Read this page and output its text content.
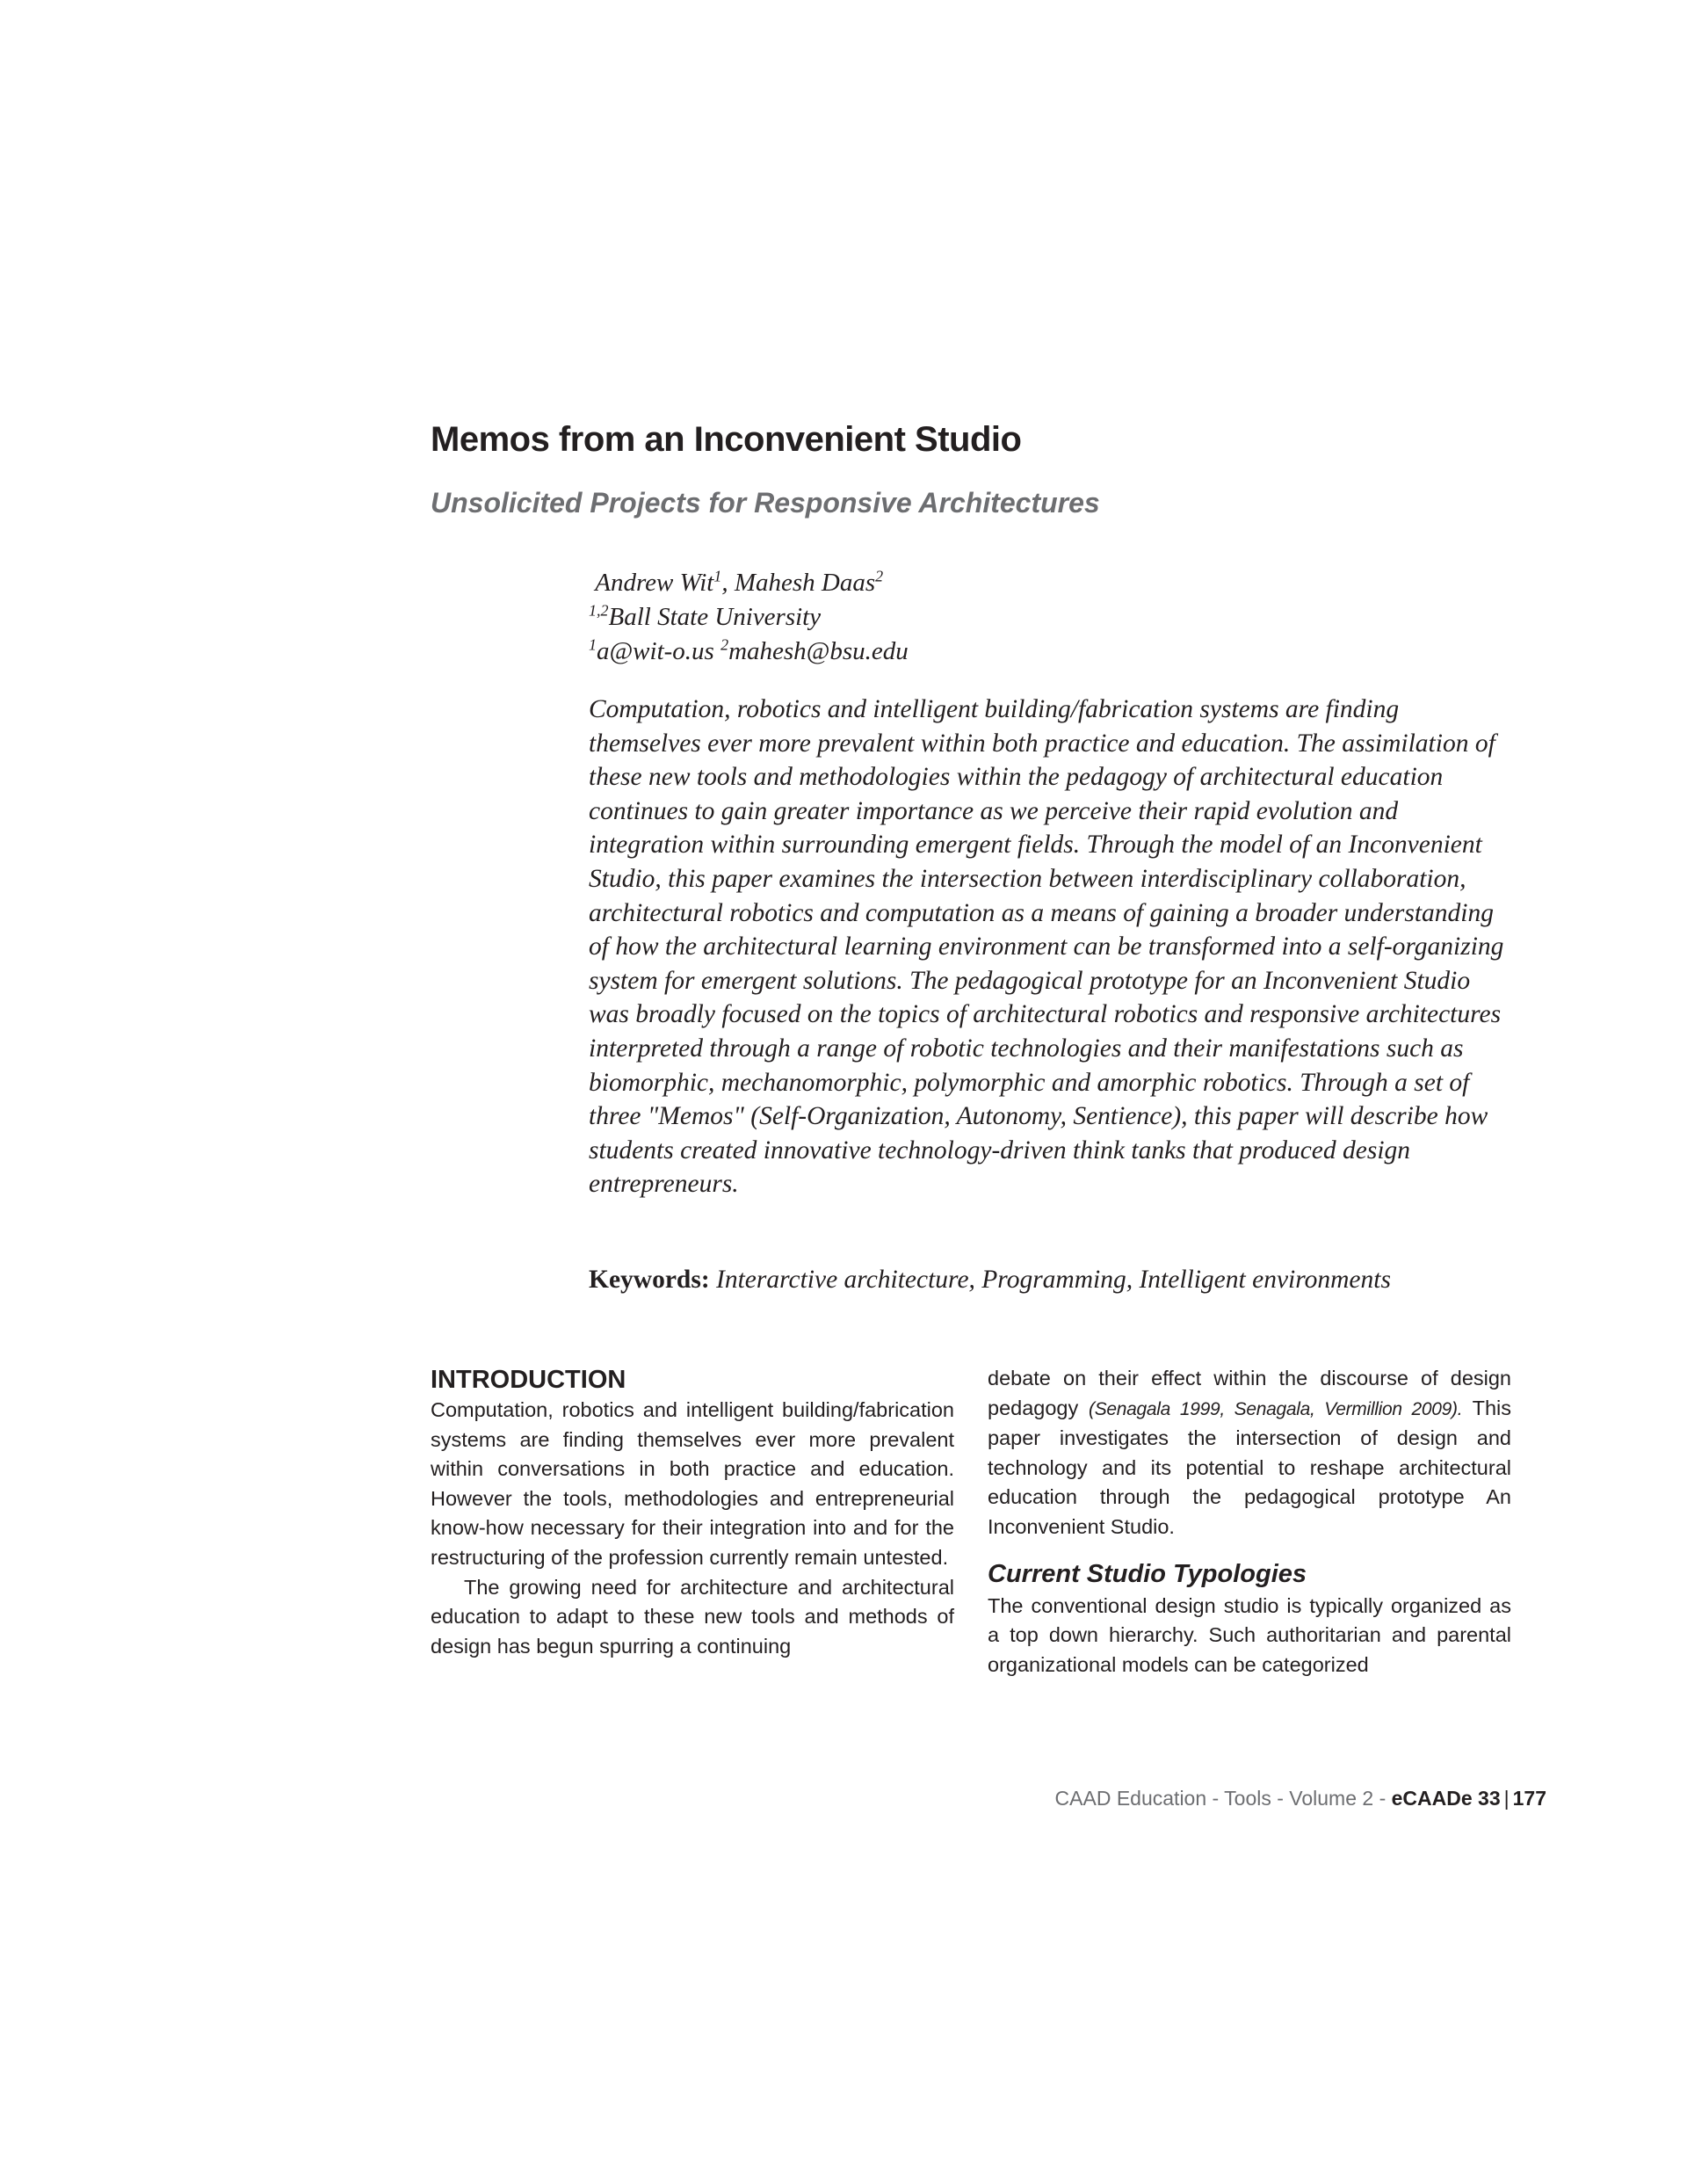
Memos from an Inconvenient Studio
Unsolicited Projects for Responsive Architectures
Andrew Wit$^1$, Mahesh Daas$^2$
$^{1,2}$Ball State University
$^1$a@wit-o.us $^2$mahesh@bsu.edu

Computation, robotics and intelligent building/fabrication systems are finding themselves ever more prevalent within both practice and education. The assimilation of these new tools and methodologies within the pedagogy of architectural education continues to gain greater importance as we perceive their rapid evolution and integration within surrounding emergent fields. Through the model of an Inconvenient Studio, this paper examines the intersection between interdisciplinary collaboration, architectural robotics and computation as a means of gaining a broader understanding of how the architectural learning environment can be transformed into a self-organizing system for emergent solutions. The pedagogical prototype for an Inconvenient Studio was broadly focused on the topics of architectural robotics and responsive architectures interpreted through a range of robotic technologies and their manifestations such as biomorphic, mechanomorphic, polymorphic and amorphic robotics. Through a set of three "Memos" (Self-Organization, Autonomy, Sentience), this paper will describe how students created innovative technology-driven think tanks that produced design entrepreneurs.

Keywords: Interarctive architecture, Programming, Intelligent environments
INTRODUCTION

Computation, robotics and intelligent building/fabrication systems are finding themselves ever more prevalent within conversations in both practice and education. However the tools, methodologies and entrepreneurial know-how necessary for their integration into and for the restructuring of the profession currently remain untested.

The growing need for architecture and architectural education to adapt to these new tools and methods of design has begun spurring a continuing

debate on their effect within the discourse of design pedagogy (Senagala 1999, Senagala, Vermillion 2009). This paper investigates the intersection of design and technology and its potential to reshape architectural education through the pedagogical prototype An Inconvenient Studio.

Current Studio Typologies

The conventional design studio is typically organized as a top down hierarchy. Such authoritarian and parental organizational models can be categorized

CAAD Education - Tools - Volume 2 - eCAADe 33 | 177
